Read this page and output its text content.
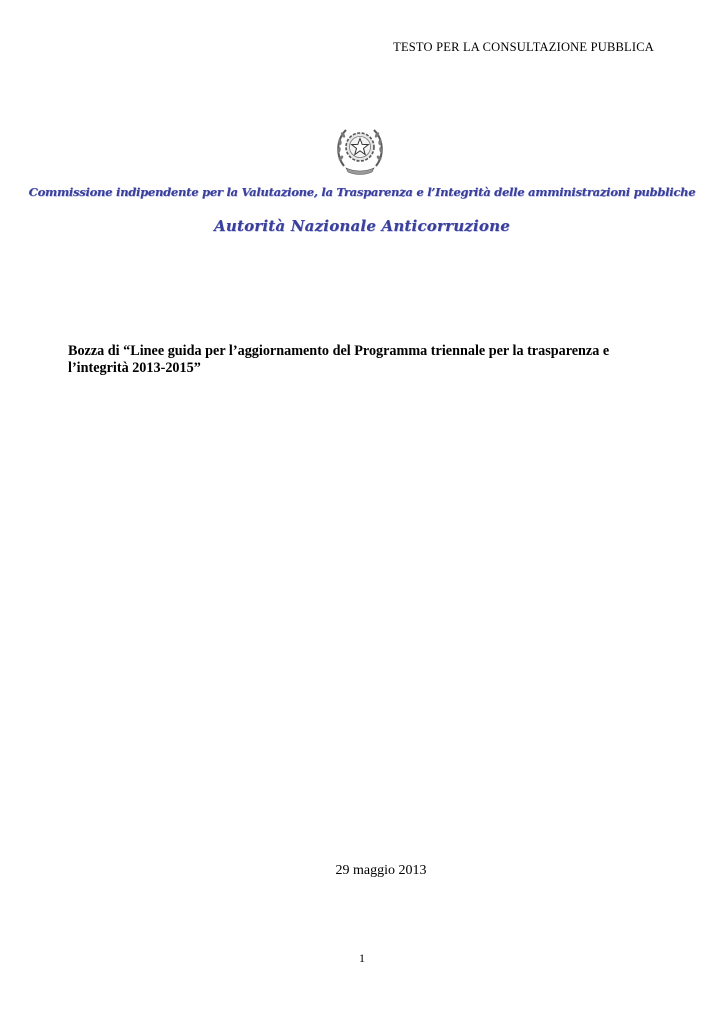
TESTO PER LA CONSULTAZIONE PUBBLICA
Commissione indipendente per la Valutazione, la Trasparenza e l’Integrità delle amministrazioni pubbliche
Autorità Nazionale Anticorruzione
Bozza di “Linee guida per l’aggiornamento del Programma triennale per la trasparenza e l’integrità 2013-2015”
29 maggio 2013
1
